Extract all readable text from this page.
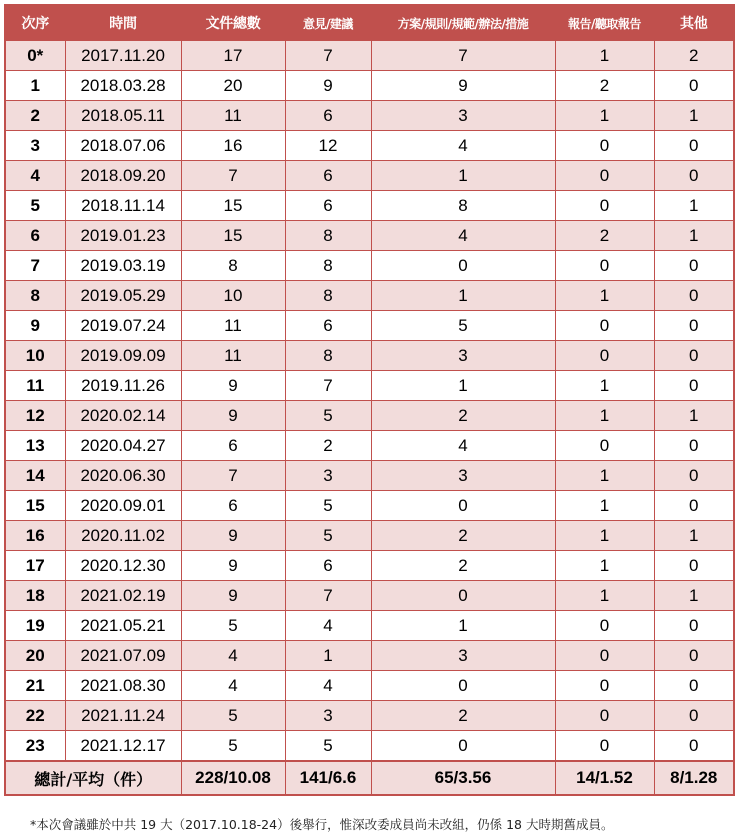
次序	時間	文件總數	意見/建議	方案/規則/規範/辦法/措施	報告/聽取報告	其他
0*	2017.11.20	17	7	7	1	2
1	2018.03.28	20	9	9	2	0
2	2018.05.11	11	6	3	1	1
3	2018.07.06	16	12	4	0	0
4	2018.09.20	7	6	1	0	0
5	2018.11.14	15	6	8	0	1
6	2019.01.23	15	8	4	2	1
7	2019.03.19	8	8	0	0	0
8	2019.05.29	10	8	1	1	0
9	2019.07.24	11	6	5	0	0
10	2019.09.09	11	8	3	0	0
11	2019.11.26	9	7	1	1	0
12	2020.02.14	9	5	2	1	1
13	2020.04.27	6	2	4	0	0
14	2020.06.30	7	3	3	1	0
15	2020.09.01	6	5	0	1	0
16	2020.11.02	9	5	2	1	1
17	2020.12.30	9	6	2	1	0
18	2021.02.19	9	7	0	1	1
19	2021.05.21	5	4	1	0	0
20	2021.07.09	4	1	3	0	0
21	2021.08.30	4	4	0	0	0
22	2021.11.24	5	3	2	0	0
23	2021.12.17	5	5	0	0	0
總計/平均（件）		228/10.08	141/6.6	65/3.56	14/1.52	8/1.28
*本次會議雖於中共 19 大（2017.10.18-24）後舉行，惟深改委成員尚未改組，仍係 18 大時期舊成員。
